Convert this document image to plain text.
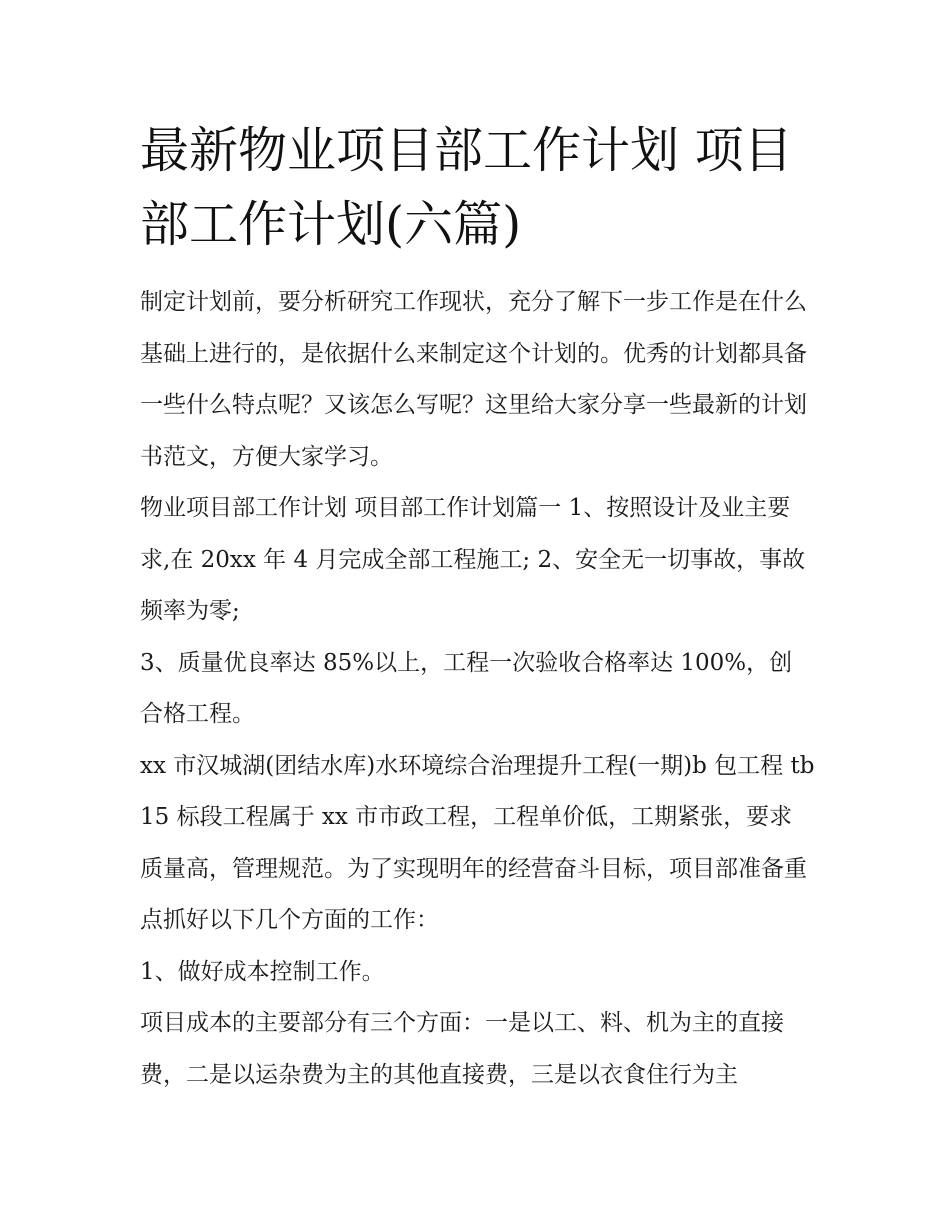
最新物业项目部工作计划 项目部工作计划(六篇)

制定计划前，要分析研究工作现状，充分了解下一步工作是在什么基础上进行的，是依据什么来制定这个计划的。优秀的计划都具备一些什么特点呢？又该怎么写呢？这里给大家分享一些最新的计划书范文，方便大家学习。

物业项目部工作计划 项目部工作计划篇一 1、按照设计及业主要求,在 20xx 年 4 月完成全部工程施工; 2、安全无一切事故，事故频率为零;

3、质量优良率达 85%以上，工程一次验收合格率达 100%，创合格工程。

xx 市汉城湖(团结水库)水环境综合治理提升工程(一期)b 包工程 tb15 标段工程属于 xx 市市政工程，工程单价低，工期紧张，要求质量高，管理规范。为了实现明年的经营奋斗目标，项目部准备重点抓好以下几个方面的工作：

1、做好成本控制工作。

项目成本的主要部分有三个方面：一是以工、料、机为主的直接费，二是以运杂费为主的其他直接费，三是以衣食住行为主
